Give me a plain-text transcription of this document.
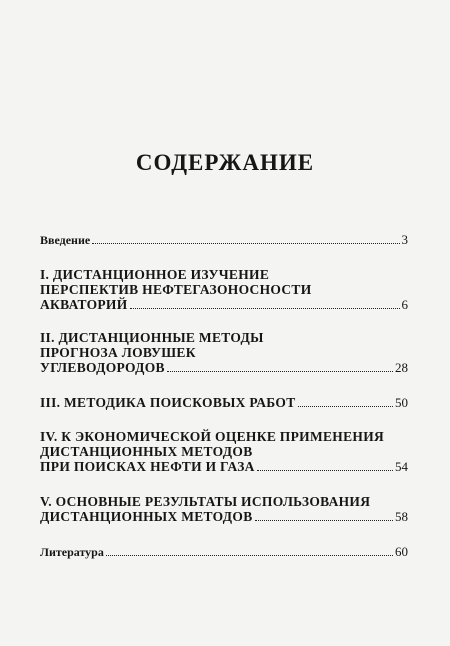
СОДЕРЖАНИЕ
Введение	3
I. ДИСТАНЦИОННОЕ ИЗУЧЕНИЕ
ПЕРСПЕКТИВ НЕФТЕГАЗОНОСНОСТИ
АКВАТОРИЙ	6
II. ДИСТАНЦИОННЫЕ МЕТОДЫ
ПРОГНОЗА ЛОВУШЕК
УГЛЕВОДОРОДОВ	28
III. МЕТОДИКА ПОИСКОВЫХ РАБОТ	50
IV. К ЭКОНОМИЧЕСКОЙ ОЦЕНКЕ ПРИМЕНЕНИЯ
ДИСТАНЦИОННЫХ МЕТОДОВ
ПРИ ПОИСКАХ НЕФТИ И ГАЗА	54
V. ОСНОВНЫЕ РЕЗУЛЬТАТЫ ИСПОЛЬЗОВАНИЯ
ДИСТАНЦИОННЫХ МЕТОДОВ	58
Литература	60
